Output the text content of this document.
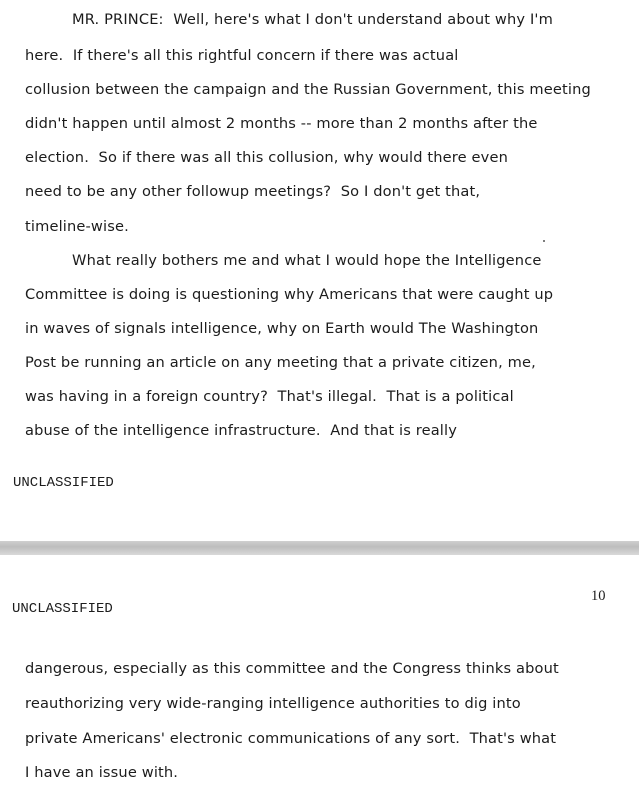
MR. PRINCE:  Well, here's what I don't understand about why I'm
here.  If there's all this rightful concern if there was actual
collusion between the campaign and the Russian Government, this meeting
didn't happen until almost 2 months -- more than 2 months after the
election.  So if there was all this collusion, why would there even
need to be any other followup meetings?  So I don't get that,
timeline-wise.
What really bothers me and what I would hope the Intelligence
Committee is doing is questioning why Americans that were caught up
in waves of signals intelligence, why on Earth would The Washington
Post be running an article on any meeting that a private citizen, me,
was having in a foreign country?  That's illegal.  That is a political
abuse of the intelligence infrastructure.  And that is really
UNCLASSIFIED
10
UNCLASSIFIED
dangerous, especially as this committee and the Congress thinks about
reauthorizing very wide-ranging intelligence authorities to dig into
private Americans' electronic communications of any sort.  That's what
I have an issue with.
